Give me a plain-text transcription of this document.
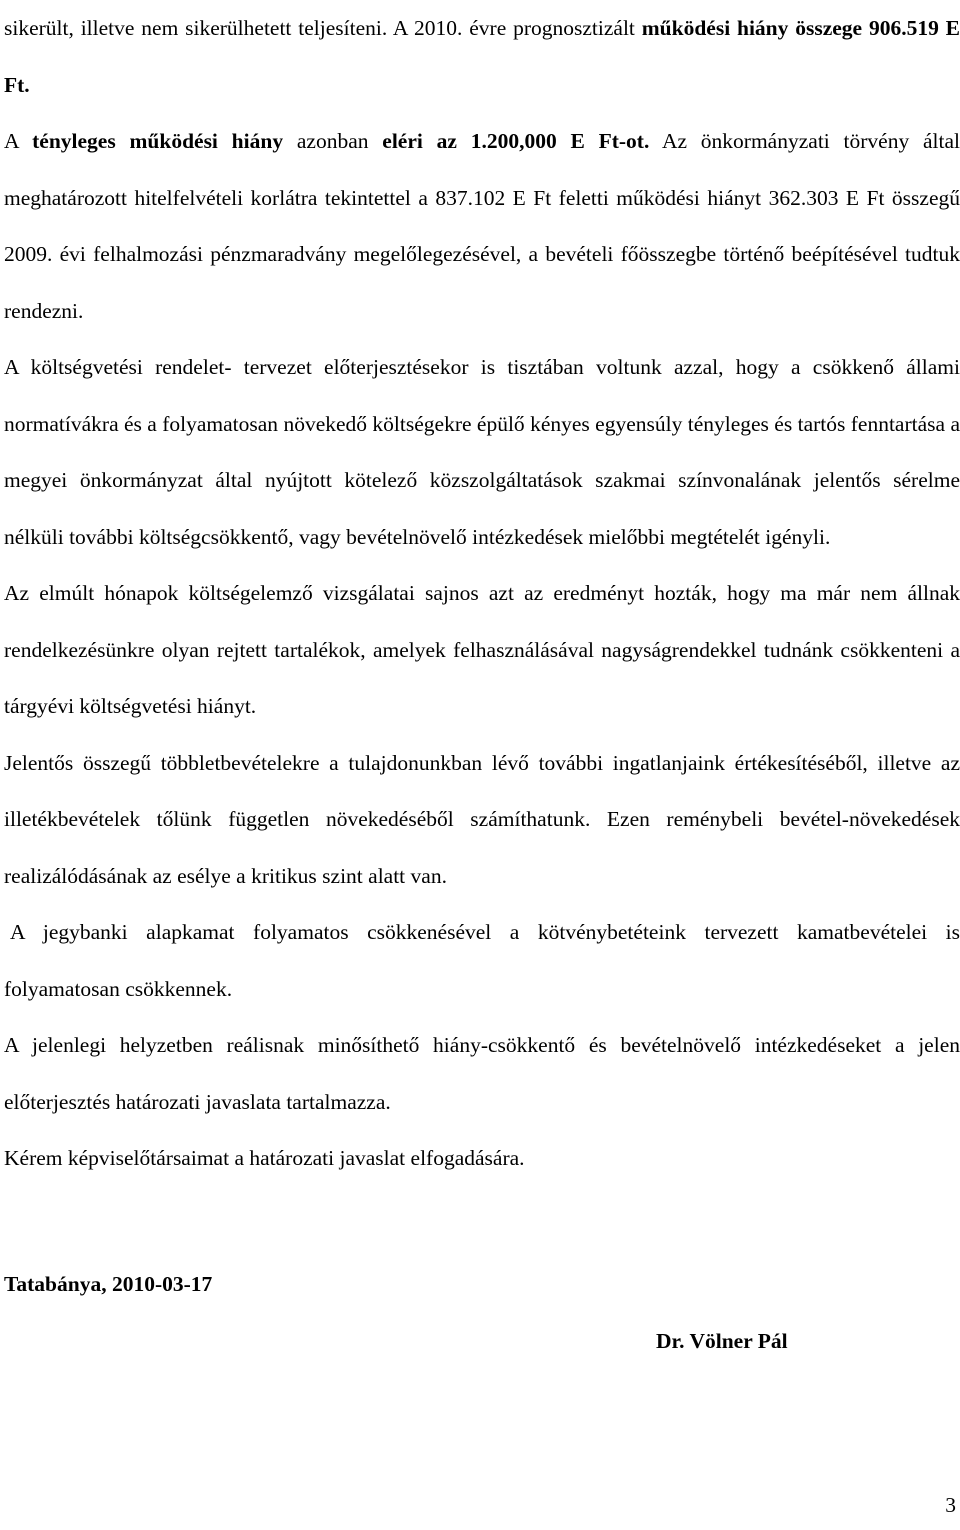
sikerült, illetve nem sikerülhetett teljesíteni. A 2010. évre prognosztizált működési hiány összege 906.519 E Ft.

A tényleges működési hiány azonban eléri az 1.200,000 E Ft-ot. Az önkormányzati törvény által meghatározott hitelfelvételi korlátra tekintettel a 837.102 E Ft feletti működési hiányt 362.303 E Ft összegű 2009. évi felhalmozási pénzmaradvány megelőlegezésével, a bevételi főösszegbe történő beépítésével tudtuk rendezni.

A költségvetési rendelet- tervezet előterjesztésekor is tisztában voltunk azzal, hogy a csökkenő állami normatívákra és a folyamatosan növekedő költségekre épülő kényes egyensúly tényleges és tartós fenntartása a megyei önkormányzat által nyújtott kötelező közszolgáltatások szakmai színvonalának jelentős sérelme nélküli további költségcsökkentő, vagy bevételnövelő intézkedések mielőbbi megtételét igényli.

Az elmúlt hónapok költségelemző vizsgálatai sajnos azt az eredményt hozták, hogy ma már nem állnak rendelkezésünkre olyan rejtett tartalékok, amelyek felhasználásával nagyságrendekkel tudnánk csökkenteni a tárgyévi költségvetési hiányt.

Jelentős összegű többletbevételekre a tulajdonunkban lévő további ingatlanjaink értékesítéséből, illetve az illetékbevételek tőlünk független növekedéséből számíthatunk. Ezen reménybeli bevétel-növekedések realizálódásának az esélye a kritikus szint alatt van.

A jegybanki alapkamat folyamatos csökkenésével a kötvénybetéteink tervezett kamatbevételei is folyamatosan csökkennek.

A jelenlegi helyzetben reálisnak minősíthető hiány-csökkentő és bevételnövelő intézkedéseket a jelen előterjesztés határozati javaslata tartalmazza.

Kérem képviselőtársaimat a határozati javaslat elfogadására.

Tatabánya, 2010-03-17

Dr. Völner Pál

3
